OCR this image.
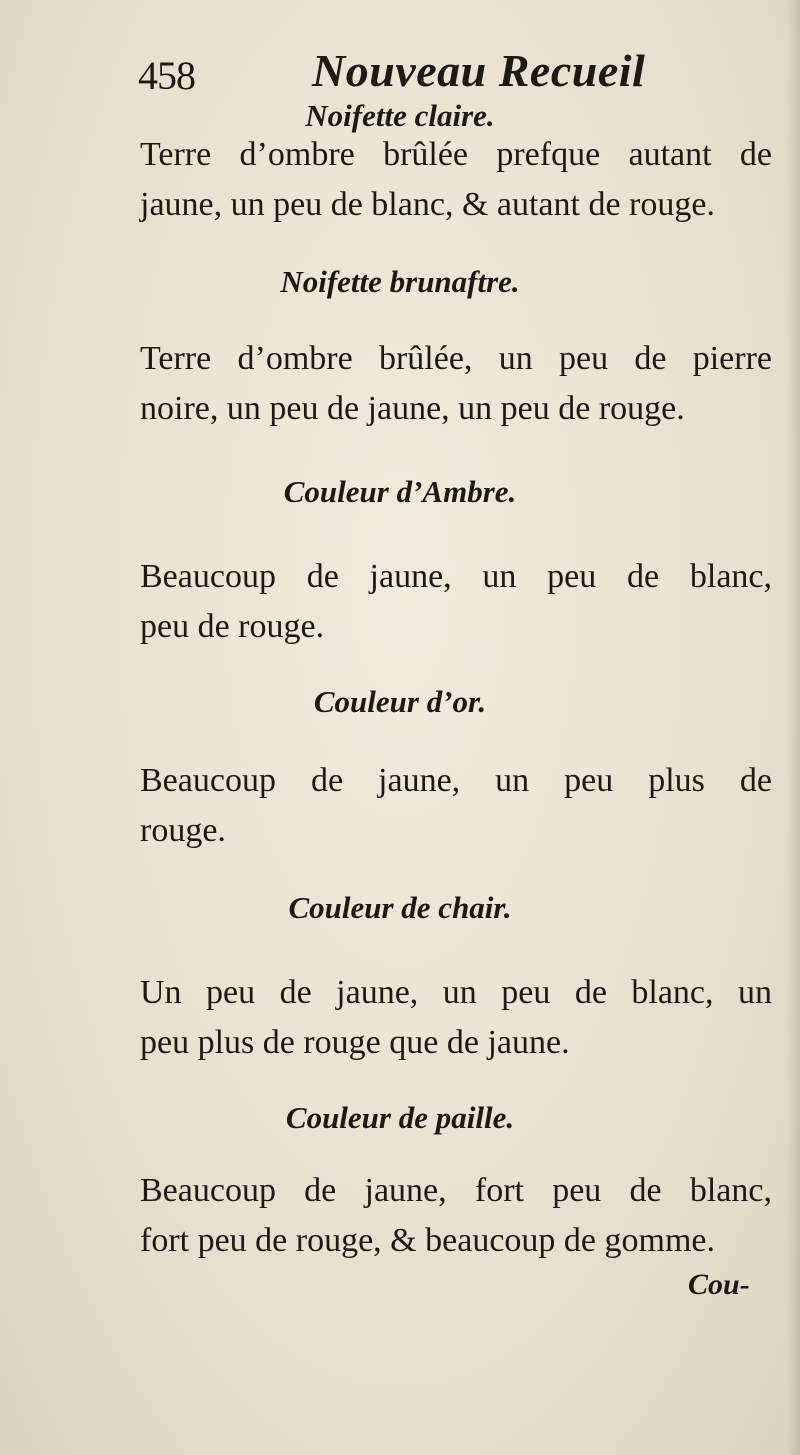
458	Nouveau Recueil
Noifette claire.

Terre d’ombre brûlée prefque autant de

jaune, un peu de blanc, & autant de rouge.

Noifette brunaftre.

Terre d’ombre brûlée, un peu de pierre

noire, un peu de jaune, un peu de rouge.

Couleur d’Ambre.

Beaucoup de jaune, un peu de blanc,

peu de rouge.

Couleur d’or.

Beaucoup de jaune, un peu plus de

rouge.

Couleur de chair.

Un peu de jaune, un peu de blanc, un

peu plus de rouge que de jaune.

Couleur de paille.

Beaucoup de jaune, fort peu de blanc,

fort peu de rouge, & beaucoup de gomme.

Cou-
